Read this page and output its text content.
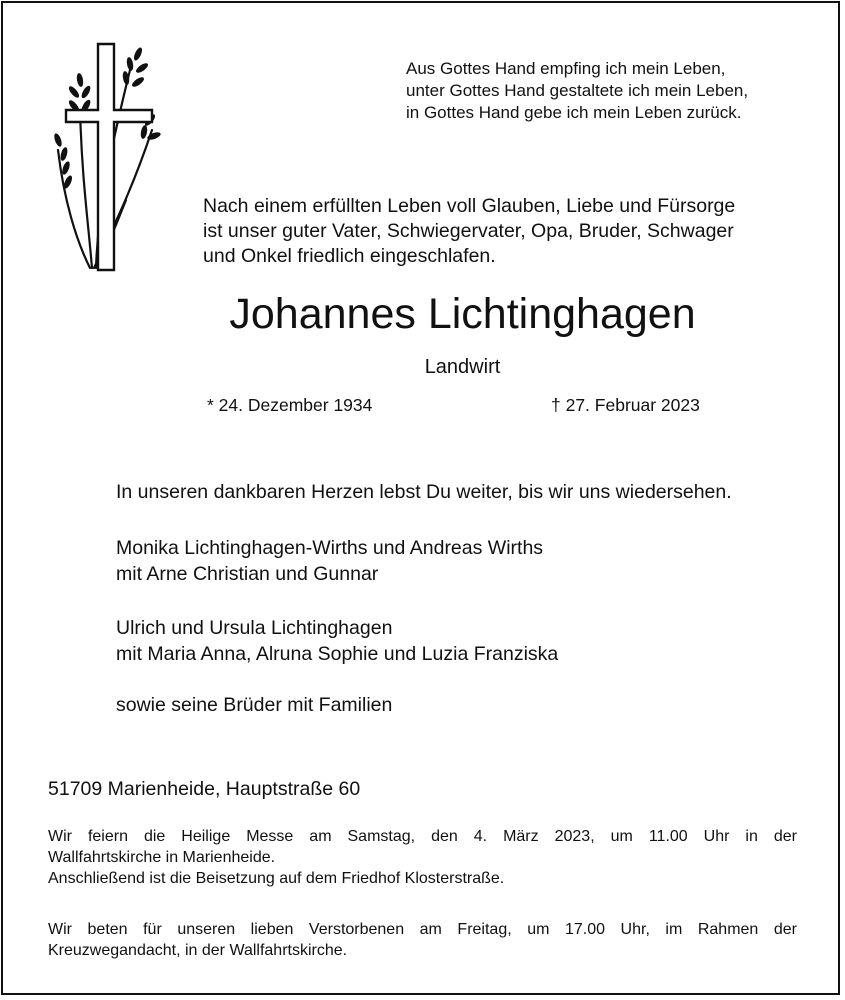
Aus Gottes Hand empfing ich mein Leben,
unter Gottes Hand gestaltete ich mein Leben,
in Gottes Hand gebe ich mein Leben zurück.
Nach einem erfüllten Leben voll Glauben, Liebe und Fürsorge
ist unser guter Vater, Schwiegervater, Opa, Bruder, Schwager
und Onkel friedlich eingeschlafen.
Johannes Lichtinghagen
Landwirt
* 24. Dezember 1934	† 27. Februar 2023
In unseren dankbaren Herzen lebst Du weiter, bis wir uns wiedersehen.
Monika Lichtinghagen-Wirths und Andreas Wirths
mit Arne Christian und Gunnar
Ulrich und Ursula Lichtinghagen
mit Maria Anna, Alruna Sophie und Luzia Franziska
sowie seine Brüder mit Familien
51709 Marienheide, Hauptstraße 60
Wir feiern die Heilige Messe am Samstag, den 4. März 2023, um 11.00 Uhr in der
Wallfahrtskirche in Marienheide.
Anschließend ist die Beisetzung auf dem Friedhof Klosterstraße.
Wir beten für unseren lieben Verstorbenen am Freitag, um 17.00 Uhr, im Rahmen der
Kreuzwegandacht, in der Wallfahrtskirche.
